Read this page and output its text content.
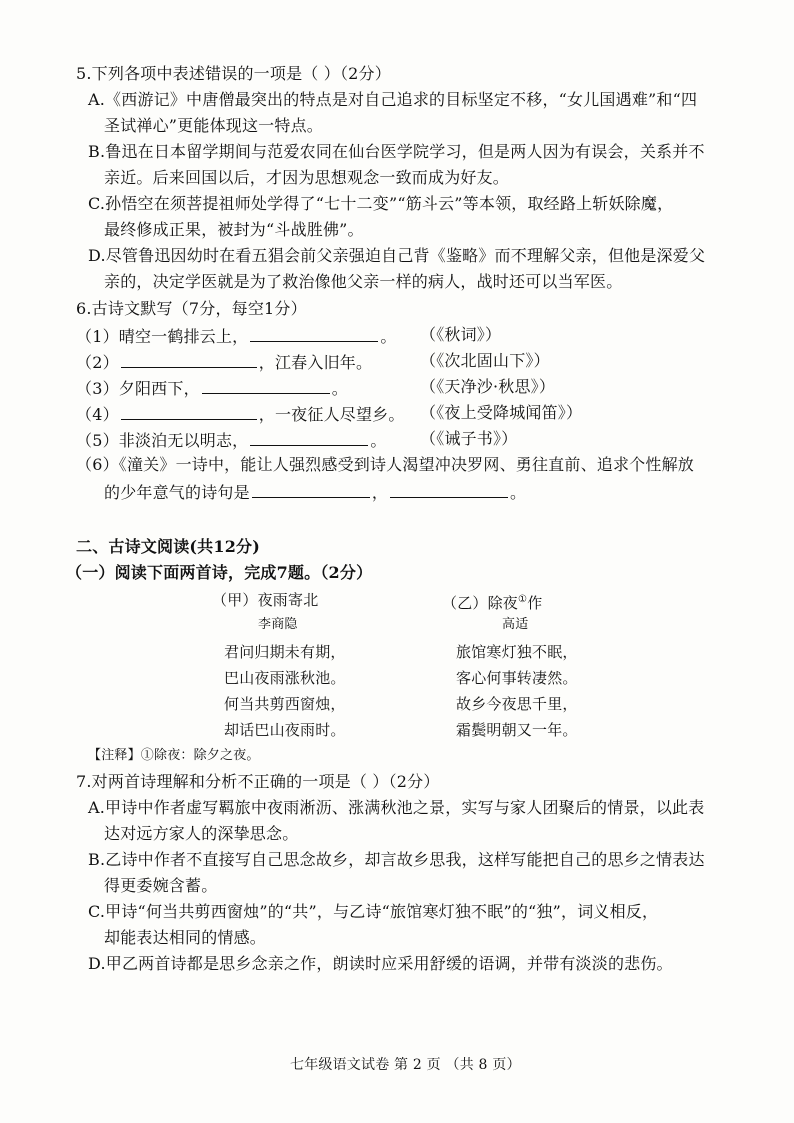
5.下列各项中表述错误的一项是（ ）（2分）
A.《西游记》中唐僧最突出的特点是对自己追求的目标坚定不移，“女儿国遇难”和“四
圣试禅心”更能体现这一特点。
B.鲁迅在日本留学期间与范爱农同在仙台医学院学习，但是两人因为有误会，关系并不
亲近。后来回国以后，才因为思想观念一致而成为好友。
C.孙悟空在须菩提祖师处学得了“七十二变”“筋斗云”等本领，取经路上斩妖除魔，
最终修成正果，被封为“斗战胜佛”。
D.尽管鲁迅因幼时在看五猖会前父亲强迫自己背《鉴略》而不理解父亲，但他是深爱父
亲的，决定学医就是为了救治像他父亲一样的病人，战时还可以当军医。
6.古诗文默写（7分，每空1分）
（1）晴空一鹤排云上，	。 （《秋词》）
（2）	，江春入旧年。	（《次北固山下》）
（3）夕阳西下，	。	（《天净沙·秋思》）
（4）	，一夜征人尽望乡。 （《夜上受降城闻笛》）
（5）非淡泊无以明志，	。 （《诫子书》）
（6）《潼关》一诗中，能让人强烈感受到诗人渴望冲决罗网、勇往直前、追求个性解放
的少年意气的诗句是	，	。
二、古诗文阅读(共12分)
（一）阅读下面两首诗，完成7题。（2分）
（甲）夜雨寄北
李商隐
君问归期未有期，
巴山夜雨涨秋池。
何当共剪西窗烛，
却话巴山夜雨时。
（乙）除夜①作
高适
旅馆寒灯独不眠，
客心何事转凄然。
故乡今夜思千里，
霜鬓明朝又一年。
【注释】①除夜：除夕之夜。
7.对两首诗理解和分析不正确的一项是（ ）（2分）
A.甲诗中作者虚写羁旅中夜雨淅沥、涨满秋池之景，实写与家人团聚后的情景，以此表
达对远方家人的深挚思念。
B.乙诗中作者不直接写自己思念故乡，却言故乡思我，这样写能把自己的思乡之情表达
得更委婉含蓄。
C.甲诗“何当共剪西窗烛”的“共”，与乙诗“旅馆寒灯独不眠”的“独”，词义相反，
却能表达相同的情感。
D.甲乙两首诗都是思乡念亲之作，朗读时应采用舒缓的语调，并带有淡淡的悲伤。
七年级语文试卷 第 2 页 （共 8 页）
